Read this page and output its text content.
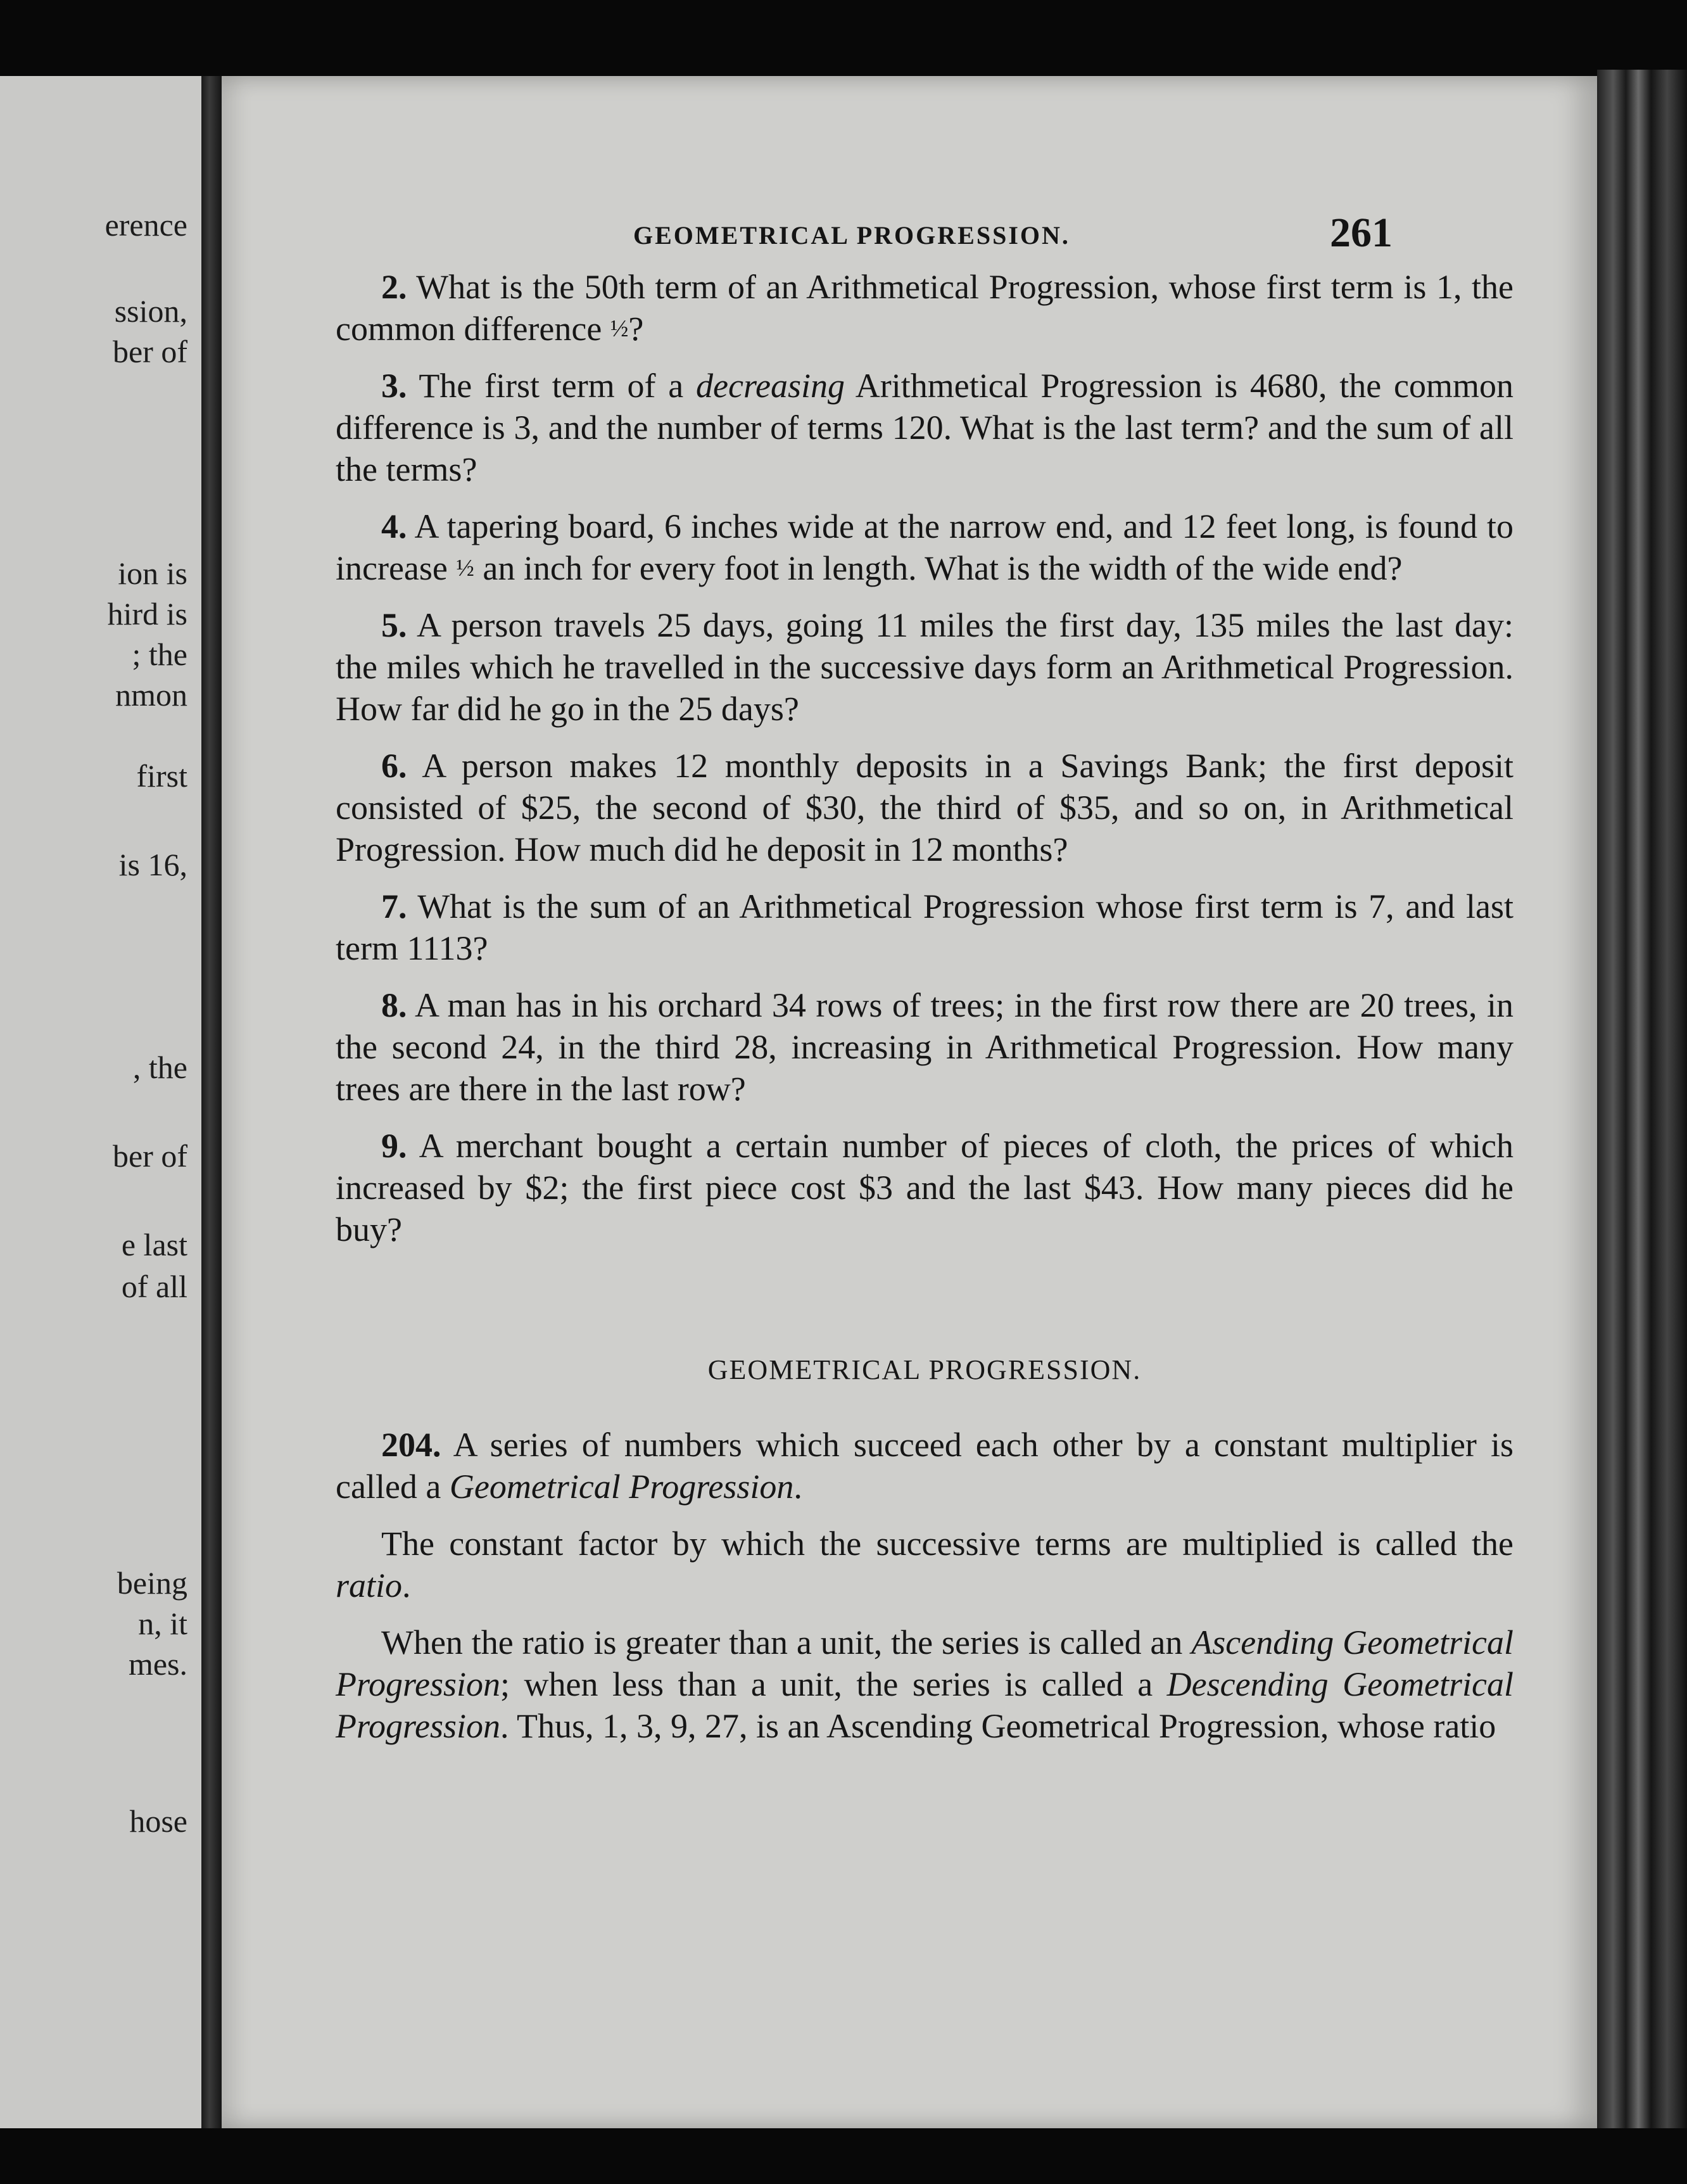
erence
ssion,
ber of
ion is
hird is
; the
nmon
first
is 16,
, the
ber of
e last
of all
being
n, it
mes.
hose
GEOMETRICAL PROGRESSION.	261

2. What is the 50th term of an Arithmetical Progression, whose first term is 1, the common difference ½?

3. The first term of a decreasing Arithmetical Progression is 4680, the common difference is 3, and the number of terms 120. What is the last term? and the sum of all the terms?

4. A tapering board, 6 inches wide at the narrow end, and 12 feet long, is found to increase ½ an inch for every foot in length. What is the width of the wide end?

5. A person travels 25 days, going 11 miles the first day, 135 miles the last day: the miles which he travelled in the successive days form an Arithmetical Progression. How far did he go in the 25 days?

6. A person makes 12 monthly deposits in a Savings Bank; the first deposit consisted of $25, the second of $30, the third of $35, and so on, in Arithmetical Progression. How much did he deposit in 12 months?

7. What is the sum of an Arithmetical Progression whose first term is 7, and last term 1113?

8. A man has in his orchard 34 rows of trees; in the first row there are 20 trees, in the second 24, in the third 28, increasing in Arithmetical Progression. How many trees are there in the last row?

9. A merchant bought a certain number of pieces of cloth, the prices of which increased by $2; the first piece cost $3 and the last $43. How many pieces did he buy?

GEOMETRICAL PROGRESSION.

204. A series of numbers which succeed each other by a constant multiplier is called a Geometrical Progression.

The constant factor by which the successive terms are multiplied is called the ratio.

When the ratio is greater than a unit, the series is called an Ascending Geometrical Progression; when less than a unit, the series is called a Descending Geometrical Progression. Thus, 1, 3, 9, 27, is an Ascending Geometrical Progression, whose ratio
